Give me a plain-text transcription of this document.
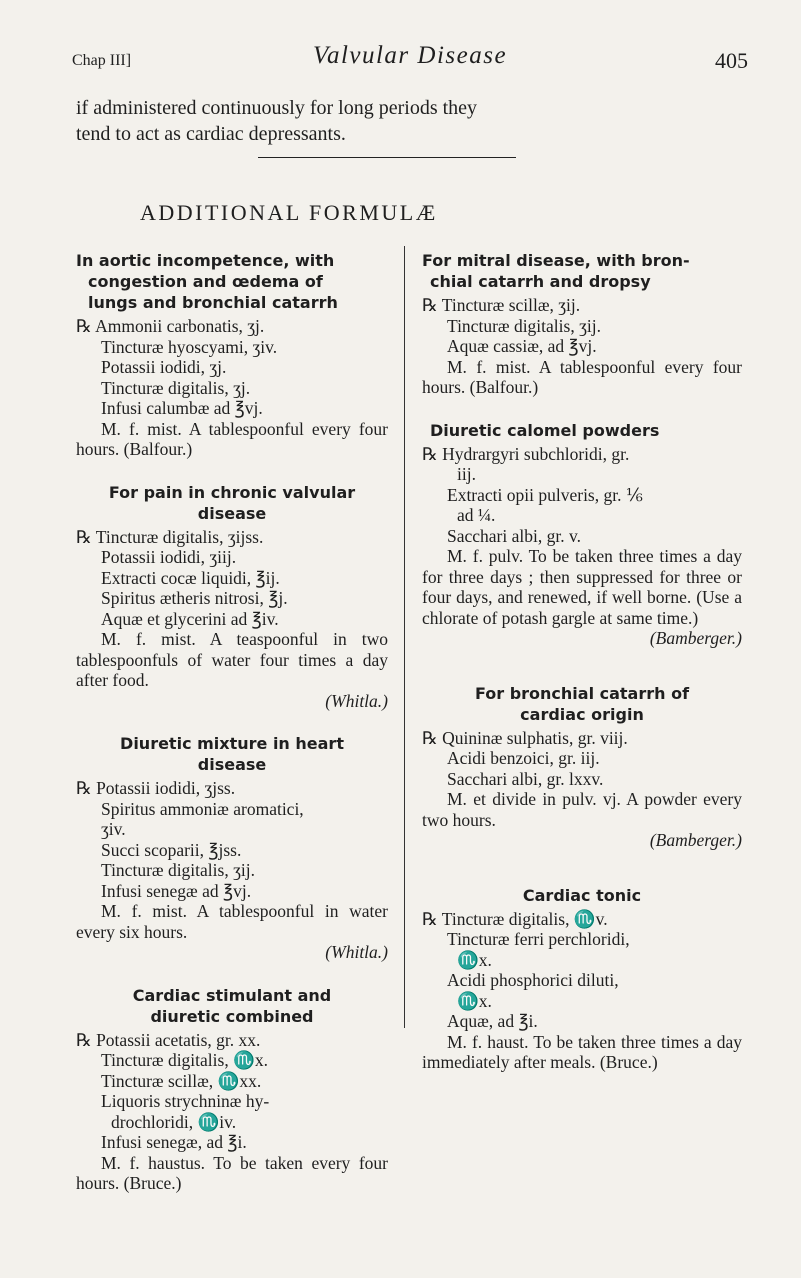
Chap III]	Valvular Disease	405
if administered continuously for long periods they
tend to act as cardiac depressants.
ADDITIONAL FORMULÆ
In aortic incompetence, with
congestion and œdema of
lungs and bronchial catarrh
℞ Ammonii carbonatis, ʒj.
Tincturæ hyoscyami, ʒiv.
Potassii iodidi, ʒj.
Tincturæ digitalis, ʒj.
Infusi calumbæ ad ℥vj.
M. f. mist. A tablespoonful every four hours. (Balfour.)
For pain in chronic valvular
disease
℞ Tincturæ digitalis, ʒijss.
Potassii iodidi, ʒiij.
Extracti cocæ liquidi, ℥ij.
Spiritus ætheris nitrosi, ℥j.
Aquæ et glycerini ad ℥iv.
M. f. mist. A teaspoonful in two tablespoonfuls of water four times a day after food.
(Whitla.)
Diuretic mixture in heart
disease
℞ Potassii iodidi, ʒjss.
Spiritus ammoniæ aromatici,
ʒiv.
Succi scoparii, ℥jss.
Tincturæ digitalis, ʒij.
Infusi senegæ ad ℥vj.
M. f. mist. A tablespoonful in water every six hours.
(Whitla.)
Cardiac stimulant and
diuretic combined
℞ Potassii acetatis, gr. xx.
Tincturæ digitalis, ♏x.
Tincturæ scillæ, ♏xx.
Liquoris strychninæ hy-
drochloridi, ♏iv.
Infusi senegæ, ad ℥i.
M. f. haustus. To be taken every four hours. (Bruce.)
For mitral disease, with bron-
chial catarrh and dropsy
℞ Tincturæ scillæ, ʒij.
Tincturæ digitalis, ʒij.
Aquæ cassiæ, ad ℥vj.
M. f. mist. A tablespoonful every four hours. (Balfour.)
Diuretic calomel powders
℞ Hydrargyri subchloridi, gr.
iij.
Extracti opii pulveris, gr. ⅙
ad ¼.
Sacchari albi, gr. v.
M. f. pulv. To be taken three times a day for three days ; then suppressed for three or four days, and renewed, if well borne. (Use a chlorate of potash gargle at same time.)
(Bamberger.)
For bronchial catarrh of
cardiac origin
℞ Quininæ sulphatis, gr. viij.
Acidi benzoici, gr. iij.
Sacchari albi, gr. lxxv.
M. et divide in pulv. vj. A powder every two hours.
(Bamberger.)
Cardiac tonic
℞ Tincturæ digitalis, ♏v.
Tincturæ ferri perchloridi,
♏x.
Acidi phosphorici diluti,
♏x.
Aquæ, ad ℥i.
M. f. haust. To be taken three times a day immediately after meals. (Bruce.)
